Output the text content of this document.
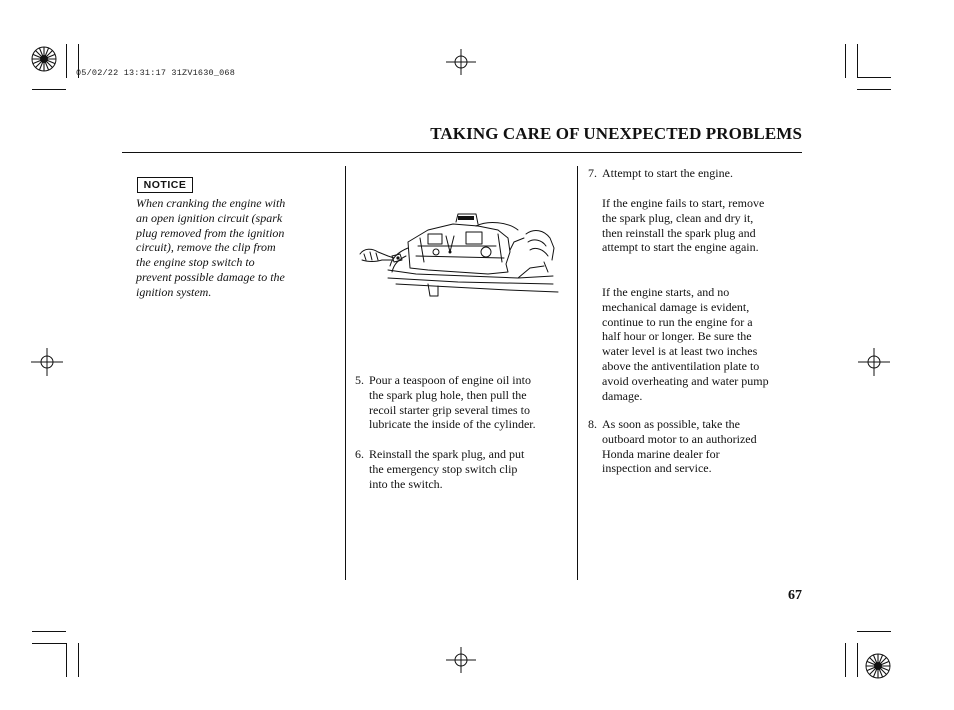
05/02/22 13:31:17 31ZV1630_068
TAKING CARE OF UNEXPECTED PROBLEMS
NOTICE
When cranking the engine with
an open ignition circuit (spark
plug removed from the ignition
circuit), remove the clip from
the engine stop switch to
prevent possible damage to the
ignition system.
5. Pour a teaspoon of engine oil into
the spark plug hole, then pull the
recoil starter grip several times to
lubricate the inside of the cylinder.
6. Reinstall the spark plug, and put
the emergency stop switch clip
into the switch.
7. Attempt to start the engine.
If the engine fails to start, remove
the spark plug, clean and dry it,
then reinstall the spark plug and
attempt to start the engine again.
If the engine starts, and no
mechanical damage is evident,
continue to run the engine for a
half hour or longer. Be sure the
water level is at least two inches
above the antiventilation plate to
avoid overheating and water pump
damage.
8. As soon as possible, take the
outboard motor to an authorized
Honda marine dealer for
inspection and service.
67
